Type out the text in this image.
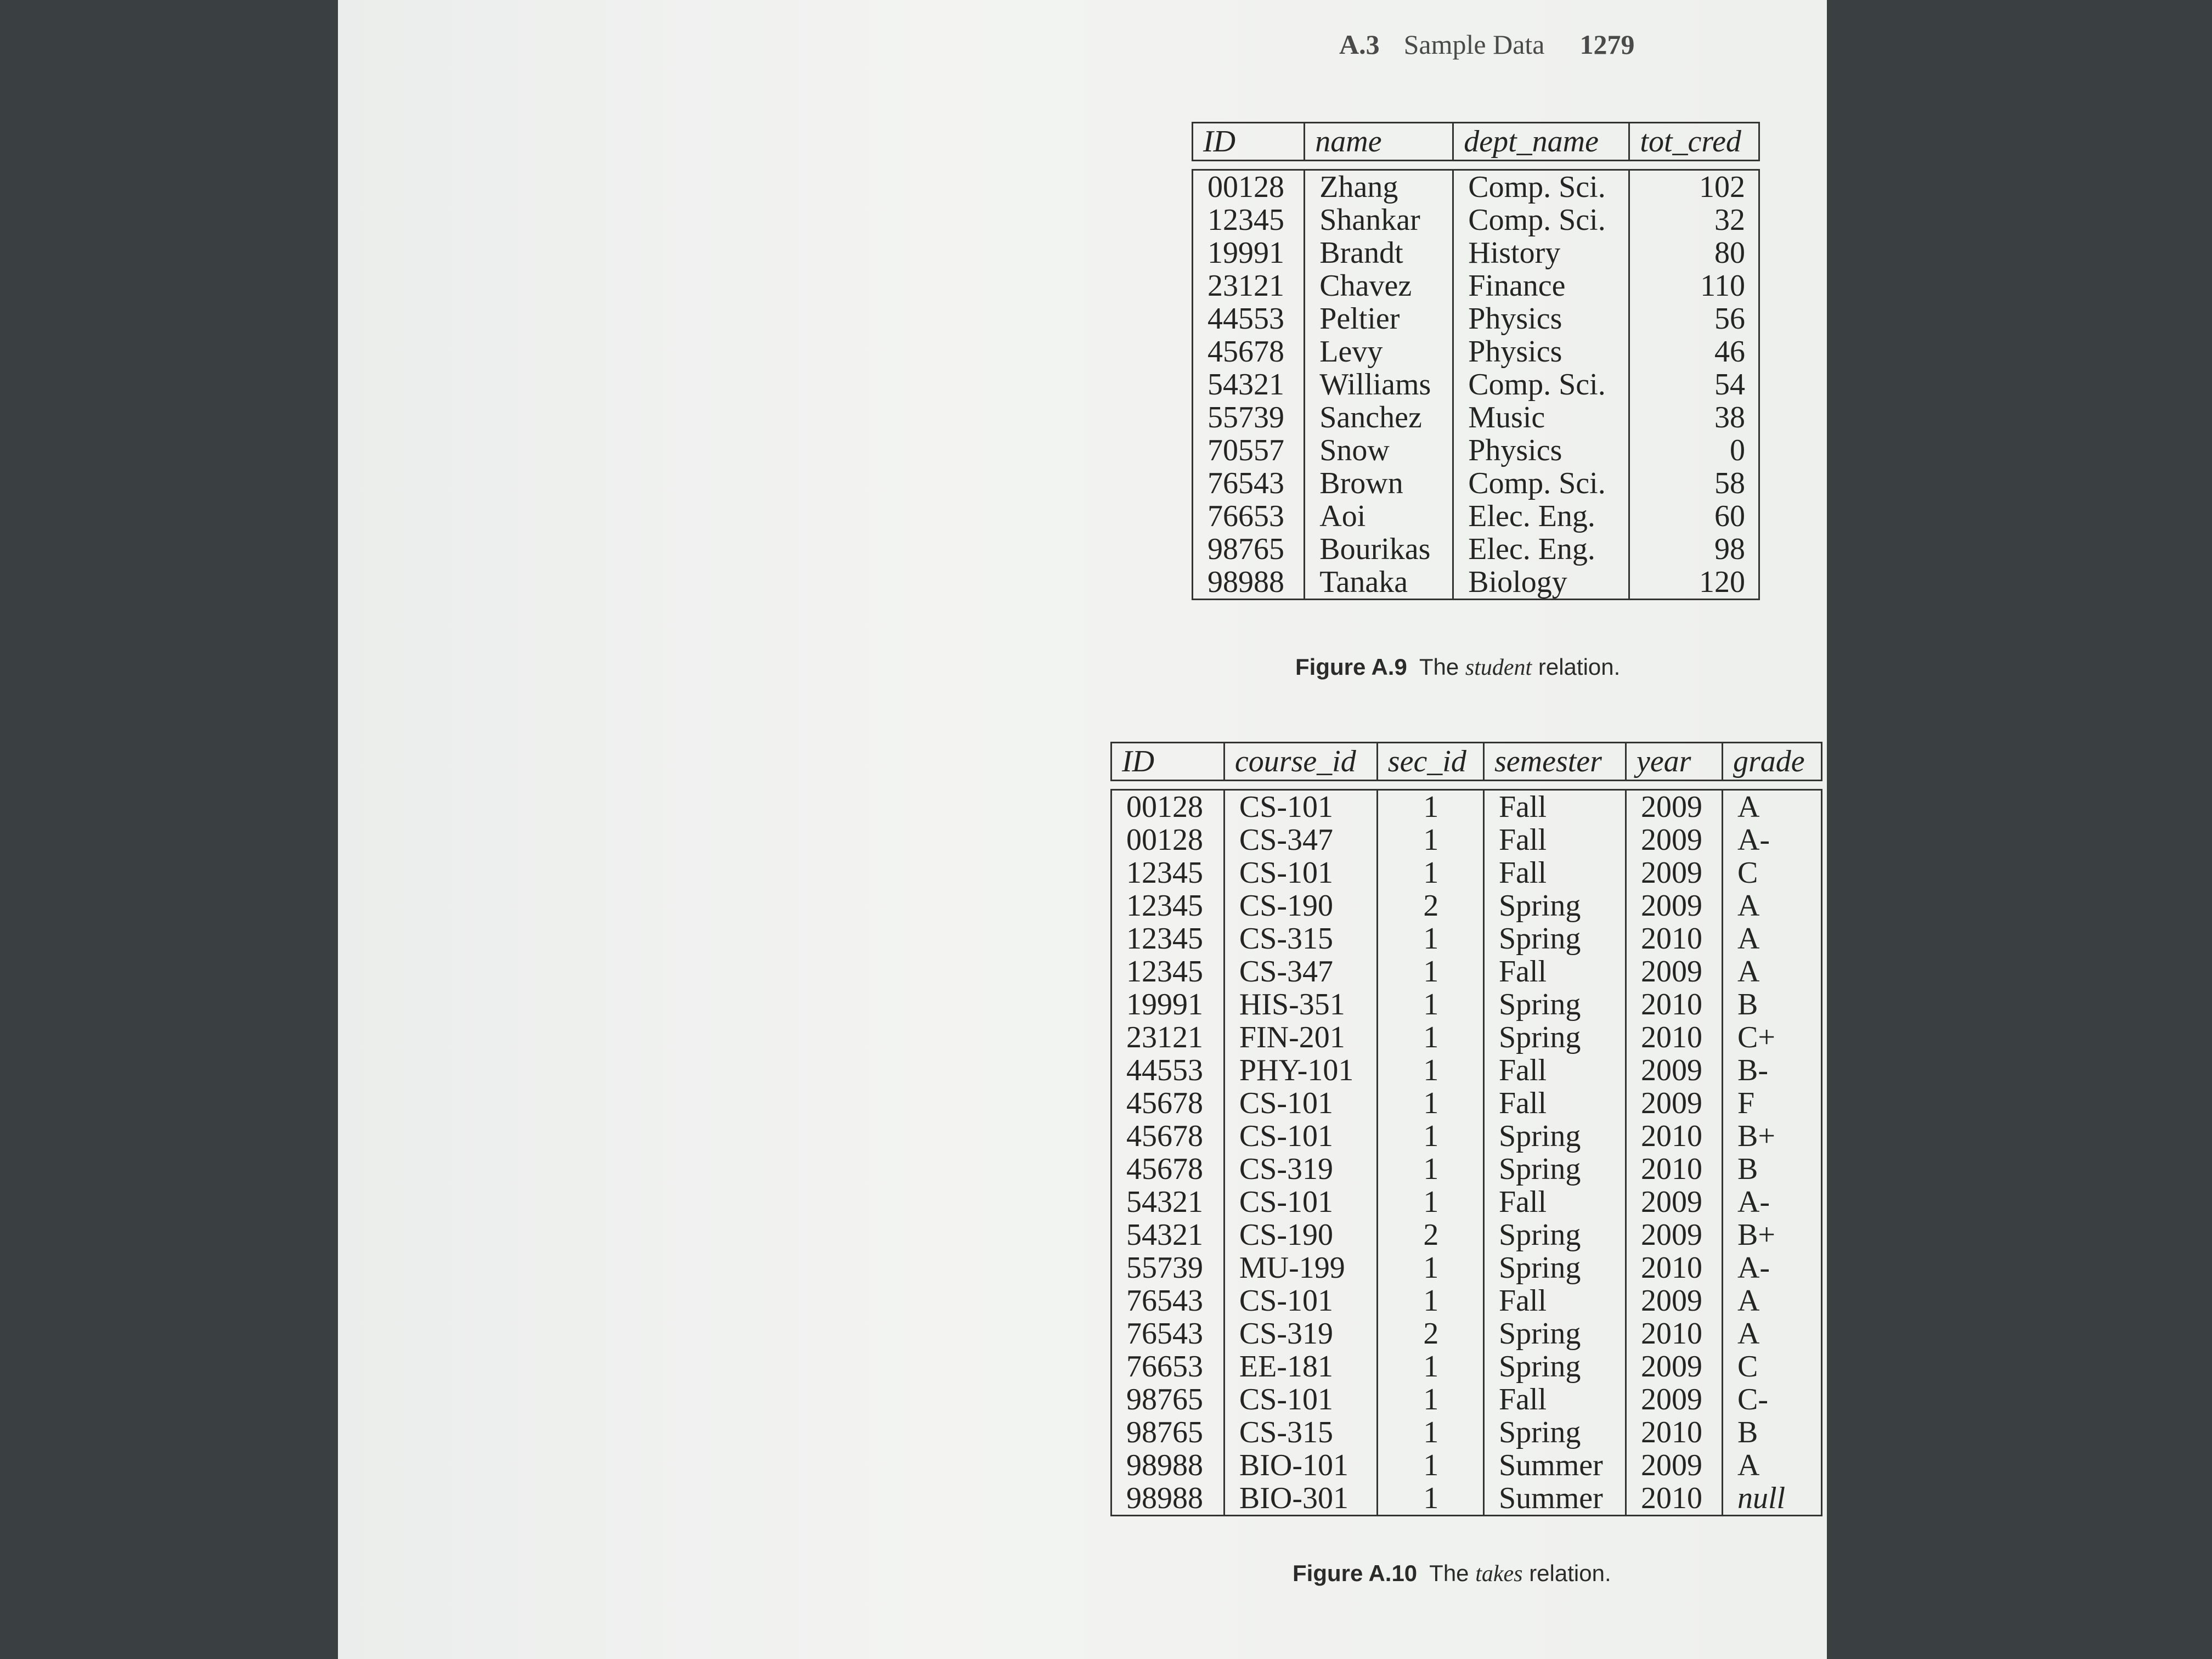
A.3 Sample Data 1279
ID	name	dept_name	tot_cred

00128	Zhang	Comp. Sci.	102
12345	Shankar	Comp. Sci.	32
19991	Brandt	History	80
23121	Chavez	Finance	110
44553	Peltier	Physics	56
45678	Levy	Physics	46
54321	Williams	Comp. Sci.	54
55739	Sanchez	Music	38
70557	Snow	Physics	0
76543	Brown	Comp. Sci.	58
76653	Aoi	Elec. Eng.	60
98765	Bourikas	Elec. Eng.	98
98988	Tanaka	Biology	120
Figure A.9 The student relation.
ID	course_id	sec_id	semester	year	grade

00128	CS-101	1	Fall	2009	A
00128	CS-347	1	Fall	2009	A-
12345	CS-101	1	Fall	2009	C
12345	CS-190	2	Spring	2009	A
12345	CS-315	1	Spring	2010	A
12345	CS-347	1	Fall	2009	A
19991	HIS-351	1	Spring	2010	B
23121	FIN-201	1	Spring	2010	C+
44553	PHY-101	1	Fall	2009	B-
45678	CS-101	1	Fall	2009	F
45678	CS-101	1	Spring	2010	B+
45678	CS-319	1	Spring	2010	B
54321	CS-101	1	Fall	2009	A-
54321	CS-190	2	Spring	2009	B+
55739	MU-199	1	Spring	2010	A-
76543	CS-101	1	Fall	2009	A
76543	CS-319	2	Spring	2010	A
76653	EE-181	1	Spring	2009	C
98765	CS-101	1	Fall	2009	C-
98765	CS-315	1	Spring	2010	B
98988	BIO-101	1	Summer	2009	A
98988	BIO-301	1	Summer	2010	null
Figure A.10 The takes relation.
